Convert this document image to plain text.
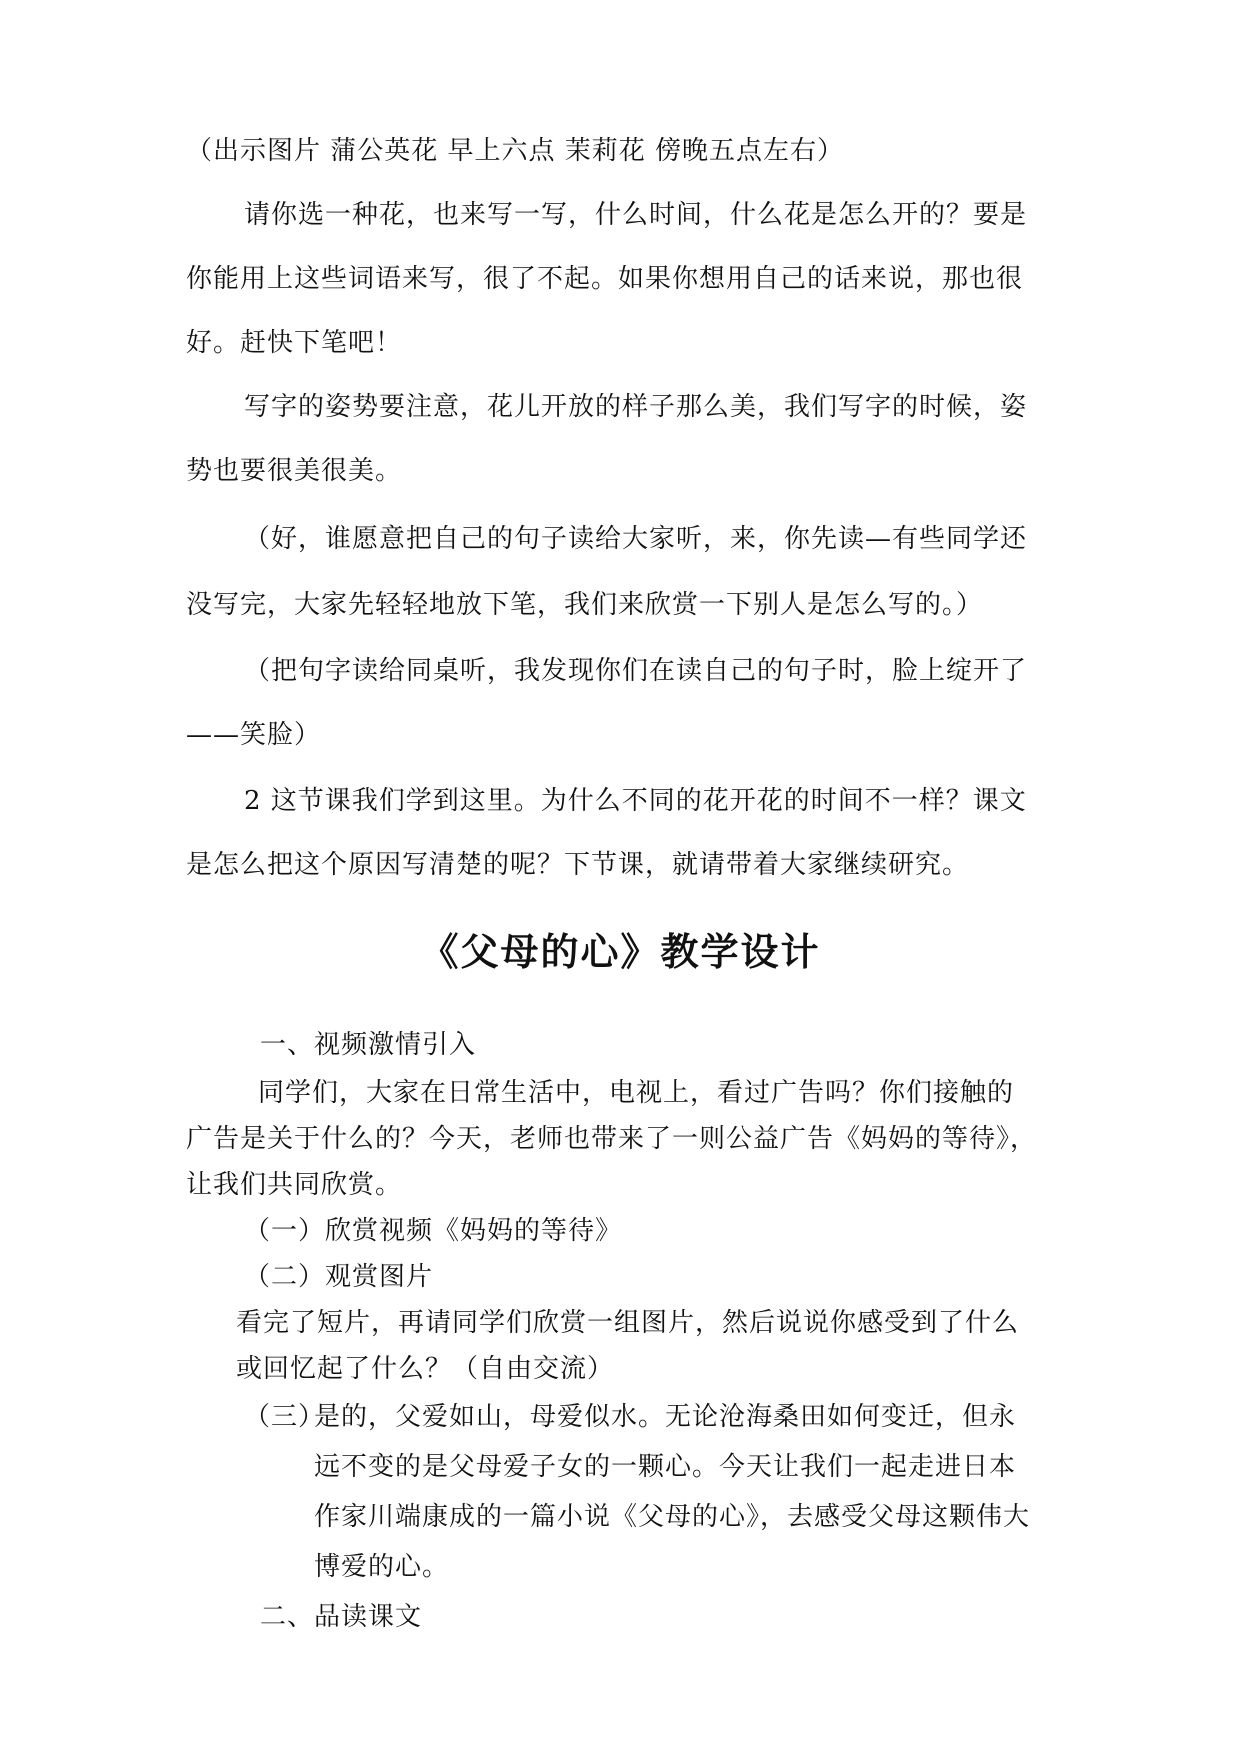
（出示图片 蒲公英花 早上六点 茉莉花 傍晚五点左右）
请你选一种花，也来写一写，什么时间，什么花是怎么开的？要是
你能用上这些词语来写，很了不起。如果你想用自己的话来说，那也很
好。赶快下笔吧！
写字的姿势要注意，花儿开放的样子那么美，我们写字的时候，姿
势也要很美很美。
（好，谁愿意把自己的句子读给大家听，来，你先读—有些同学还
没写完，大家先轻轻地放下笔，我们来欣赏一下别人是怎么写的。）
（把句字读给同桌听，我发现你们在读自己的句子时，脸上绽开了
——笑脸）
2 这节课我们学到这里。为什么不同的花开花的时间不一样？课文
是怎么把这个原因写清楚的呢？下节课，就请带着大家继续研究。
《父母的心》教学设计
一、视频激情引入
同学们，大家在日常生活中，电视上，看过广告吗？你们接触的
广告是关于什么的？今天，老师也带来了一则公益广告《妈妈的等待》，
让我们共同欣赏。
（一）欣赏视频《妈妈的等待》
（二）观赏图片
看完了短片，再请同学们欣赏一组图片，然后说说你感受到了什么
或回忆起了什么？（自由交流）
（三）
是的，父爱如山，母爱似水。无论沧海桑田如何变迁，但永
远不变的是父母爱子女的一颗心。今天让我们一起走进日本
作家川端康成的一篇小说《父母的心》，去感受父母这颗伟大
博爱的心。
二、品读课文
